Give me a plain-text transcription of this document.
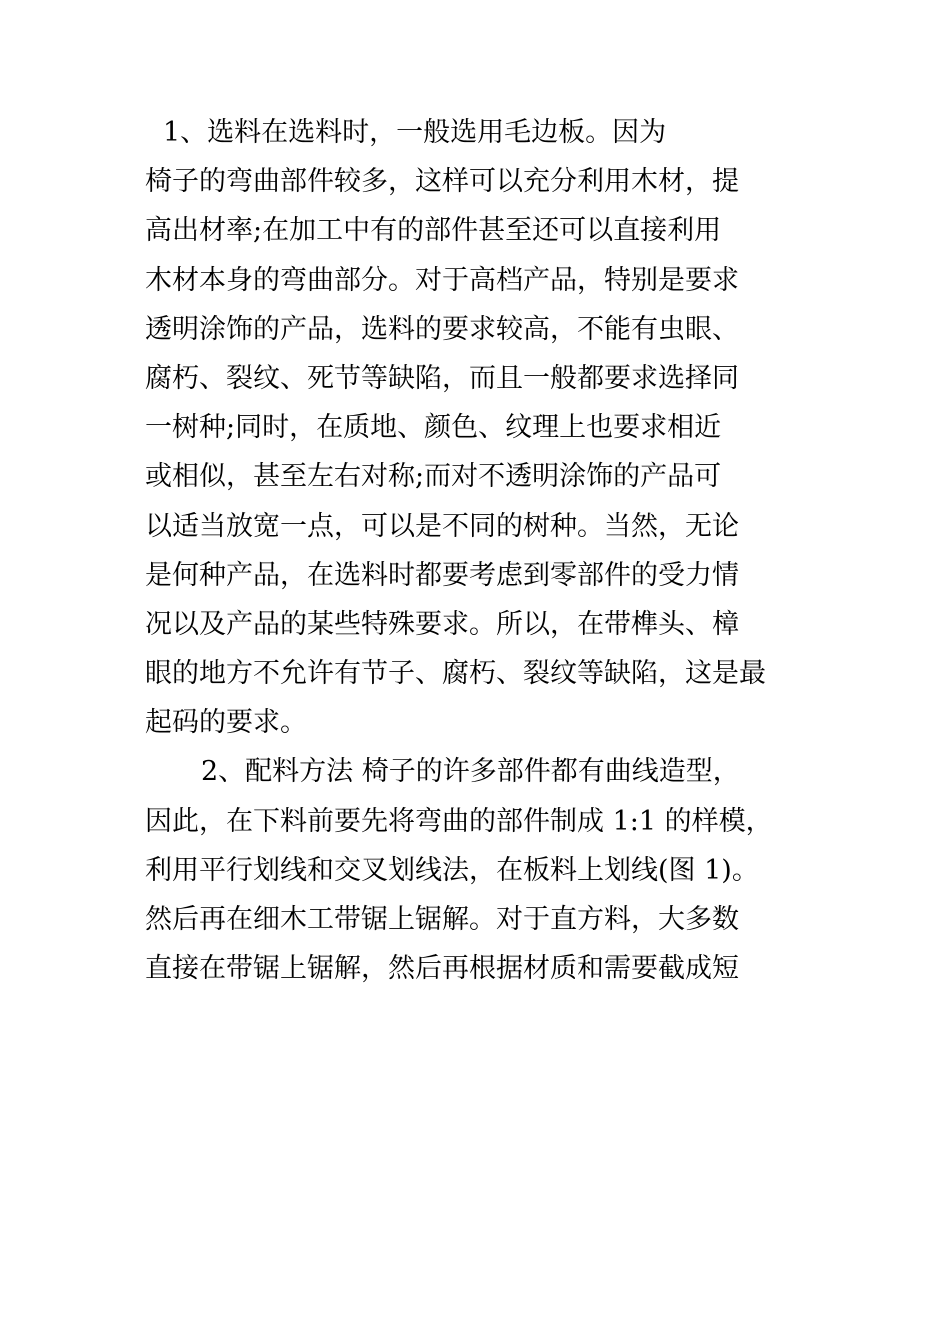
1、选料在选料时，一般选用毛边板。因为
椅子的弯曲部件较多，这样可以充分利用木材，提
高出材率;在加工中有的部件甚至还可以直接利用
木材本身的弯曲部分。对于高档产品，特别是要求
透明涂饰的产品，选料的要求较高，不能有虫眼、
腐朽、裂纹、死节等缺陷，而且一般都要求选择同
一树种;同时，在质地、颜色、纹理上也要求相近
或相似，甚至左右对称;而对不透明涂饰的产品可
以适当放宽一点，可以是不同的树种。当然，无论
是何种产品，在选料时都要考虑到零部件的受力情
况以及产品的某些特殊要求。所以，在带榫头、樟
眼的地方不允许有节子、腐朽、裂纹等缺陷，这是最
起码的要求。
2、配料方法 椅子的许多部件都有曲线造型，
因此，在下料前要先将弯曲的部件制成 1:1 的样模，
利用平行划线和交叉划线法，在板料上划线(图 1)。
然后再在细木工带锯上锯解。对于直方料，大多数
直接在带锯上锯解，然后再根据材质和需要截成短
